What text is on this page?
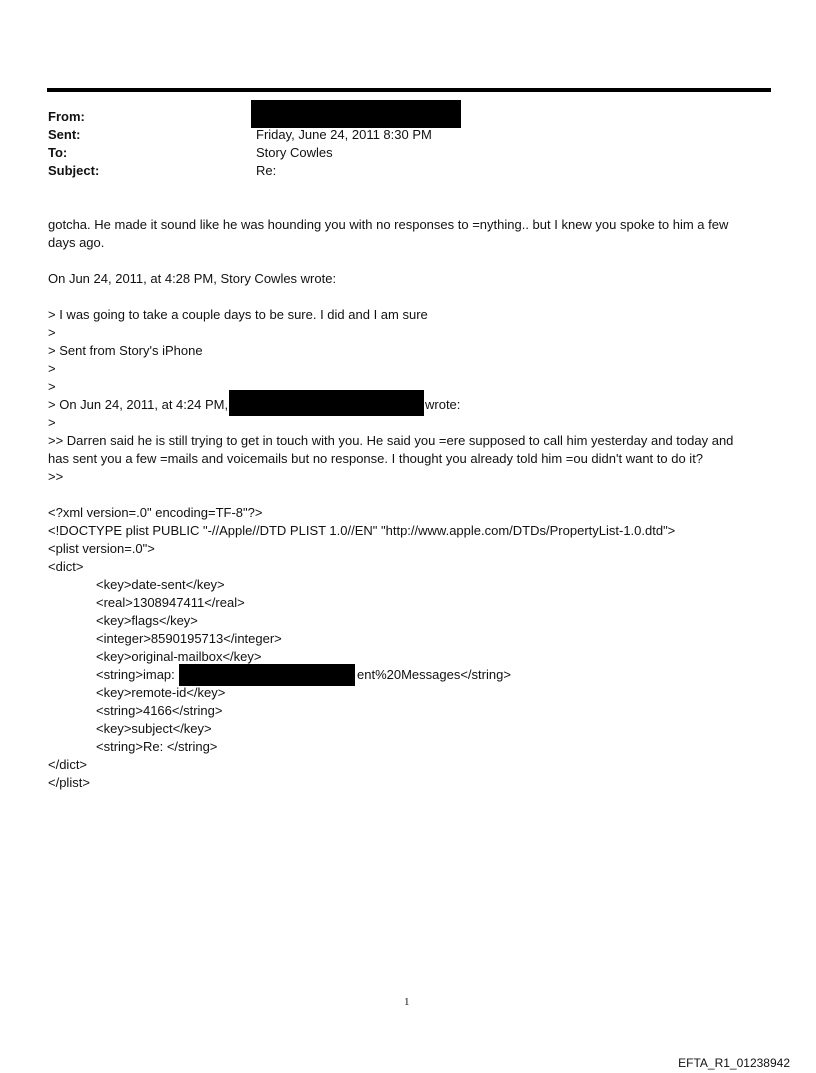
From:
Sent:	Friday, June 24, 2011 8:30 PM
To:	Story Cowles
Subject:	Re:
gotcha. He made it sound like he was hounding you with no responses to =nything.. but I knew you spoke to him a few
days ago.
On Jun 24, 2011, at 4:28 PM, Story Cowles wrote:
> I was going to take a couple days to be sure. I did and I am sure
>
> Sent from Story's iPhone
>
>
> On Jun 24, 2011, at 4:24 PM,	wrote:
>
>> Darren said he is still trying to get in touch with you. He said you =ere supposed to call him yesterday and today and
has sent you a few =mails and voicemails but no response. I thought you already told him =ou didn't want to do it?
>>
<?xml version=.0" encoding=TF-8"?>
<!DOCTYPE plist PUBLIC "-//Apple//DTD PLIST 1.0//EN" "http://www.apple.com/DTDs/PropertyList-1.0.dtd">
<plist version=.0">
<dict>
<key>date-sent</key>
<real>1308947411</real>
<key>flags</key>
<integer>8590195713</integer>
<key>original-mailbox</key>
<string>imap:	ent%20Messages</string>
<key>remote-id</key>
<string>4166</string>
<key>subject</key>
<string>Re: </string>
</dict>
</plist>
1
EFTA_R1_01238942
